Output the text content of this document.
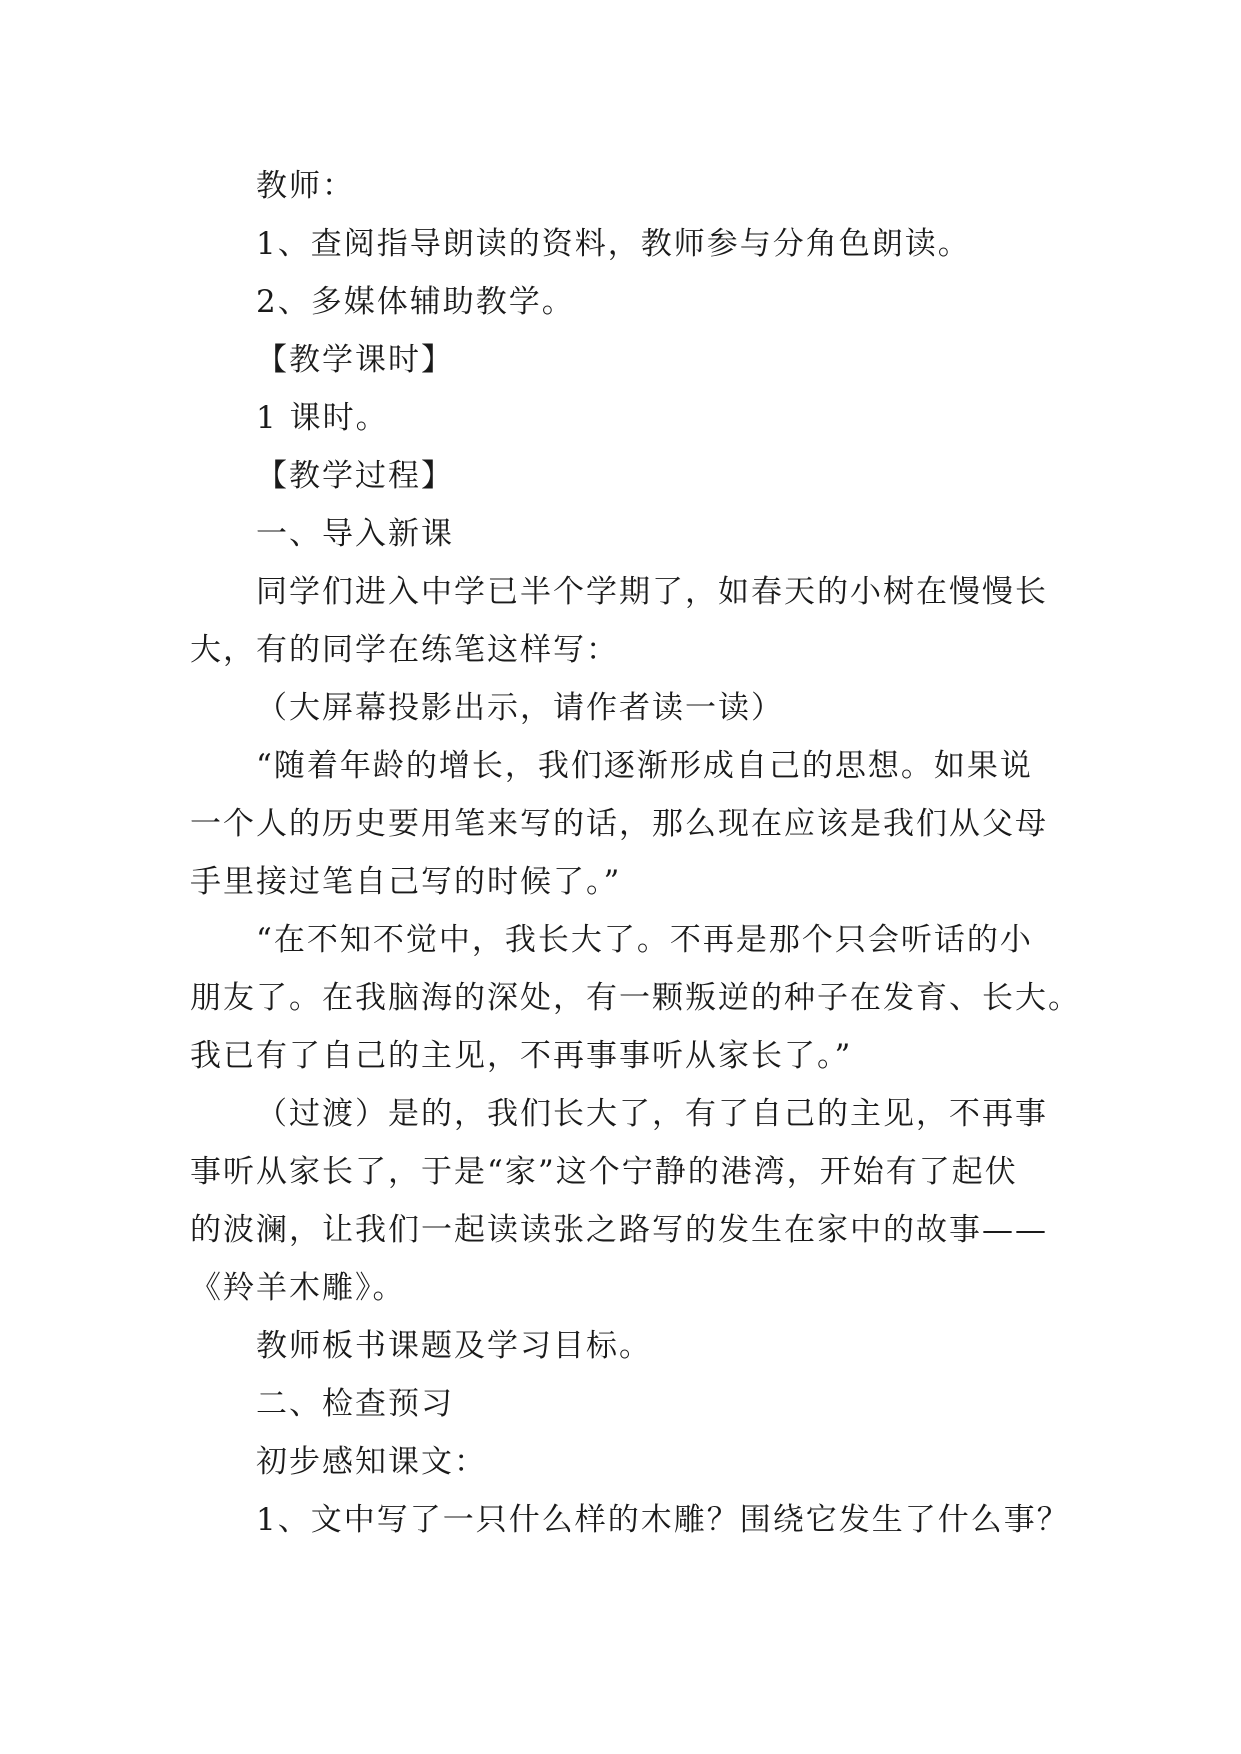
教师：
1、查阅指导朗读的资料，教师参与分角色朗读。
2、多媒体辅助教学。
【教学课时】
1 课时。
【教学过程】
一、导入新课
同学们进入中学已半个学期了，如春天的小树在慢慢长
大，有的同学在练笔这样写：
（大屏幕投影出示，请作者读一读）
“随着年龄的增长，我们逐渐形成自己的思想。如果说
一个人的历史要用笔来写的话，那么现在应该是我们从父母
手里接过笔自己写的时候了。”
“在不知不觉中，我长大了。不再是那个只会听话的小
朋友了。在我脑海的深处，有一颗叛逆的种子在发育、长大。
我已有了自己的主见，不再事事听从家长了。”
（过渡）是的，我们长大了，有了自己的主见，不再事
事听从家长了，于是“家”这个宁静的港湾，开始有了起伏
的波澜，让我们一起读读张之路写的发生在家中的故事——
《羚羊木雕》。
教师板书课题及学习目标。
二、检查预习
初步感知课文：
1、文中写了一只什么样的木雕？围绕它发生了什么事？
